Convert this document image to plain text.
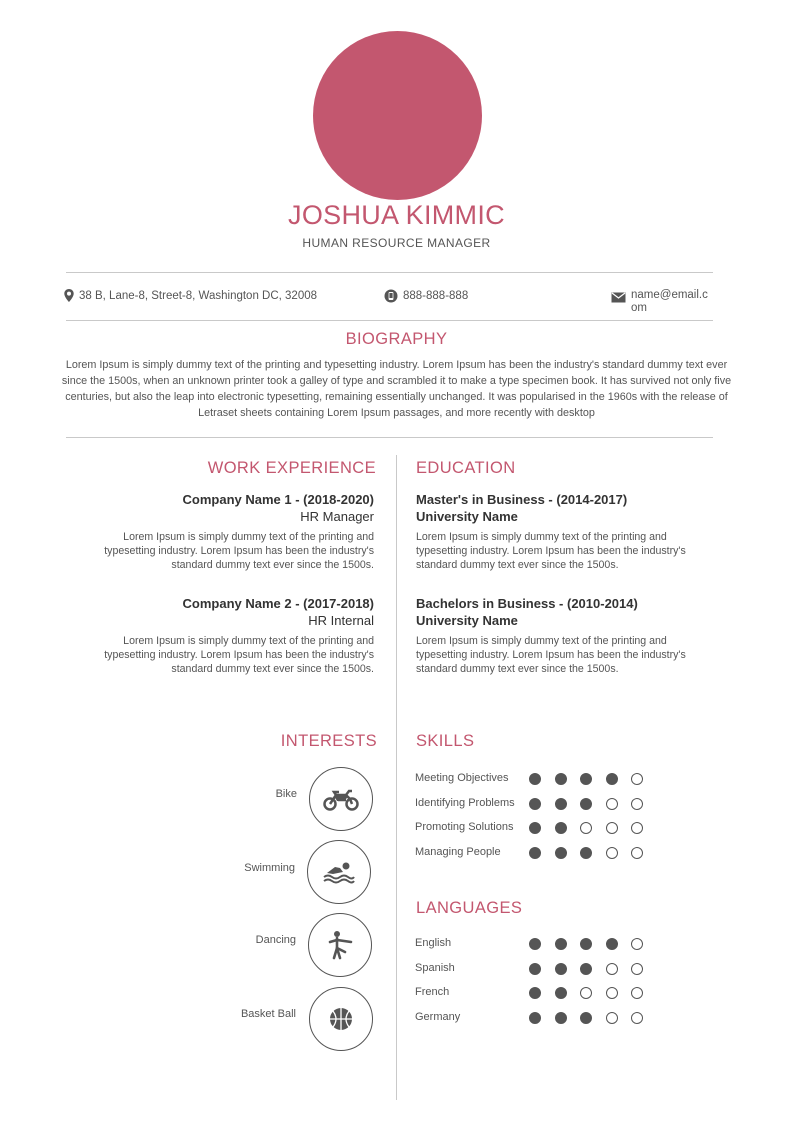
JOSHUA KIMMIC
HUMAN RESOURCE MANAGER
38 B, Lane-8, Street-8, Washington DC, 32008	888-888-888	name@email.com
BIOGRAPHY
Lorem Ipsum is simply dummy text of the printing and typesetting industry. Lorem Ipsum has been the industry's standard dummy text ever since the 1500s, when an unknown printer took a galley of type and scrambled it to make a type specimen book. It has survived not only five centuries, but also the leap into electronic typesetting, remaining essentially unchanged. It was popularised in the 1960s with the release of Letraset sheets containing Lorem Ipsum passages, and more recently with desktop
WORK EXPERIENCE
Company Name 1 - (2018-2020)
HR Manager
Lorem Ipsum is simply dummy text of the printing and typesetting industry. Lorem Ipsum has been the industry's standard dummy text ever since the 1500s.
Company Name 2 - (2017-2018)
HR Internal
Lorem Ipsum is simply dummy text of the printing and typesetting industry. Lorem Ipsum has been the industry's standard dummy text ever since the 1500s.
EDUCATION
Master's in Business - (2014-2017)
University Name
Lorem Ipsum is simply dummy text of the printing and typesetting industry. Lorem Ipsum has been the industry's standard dummy text ever since the 1500s.
Bachelors in Business - (2010-2014)
University Name
Lorem Ipsum is simply dummy text of the printing and typesetting industry. Lorem Ipsum has been the industry's standard dummy text ever since the 1500s.
INTERESTS
Bike
Swimming
Dancing
Basket Ball
SKILLS
Meeting Objectives
Identifying Problems
Promoting Solutions
Managing People
LANGUAGES
English
Spanish
French
Germany
